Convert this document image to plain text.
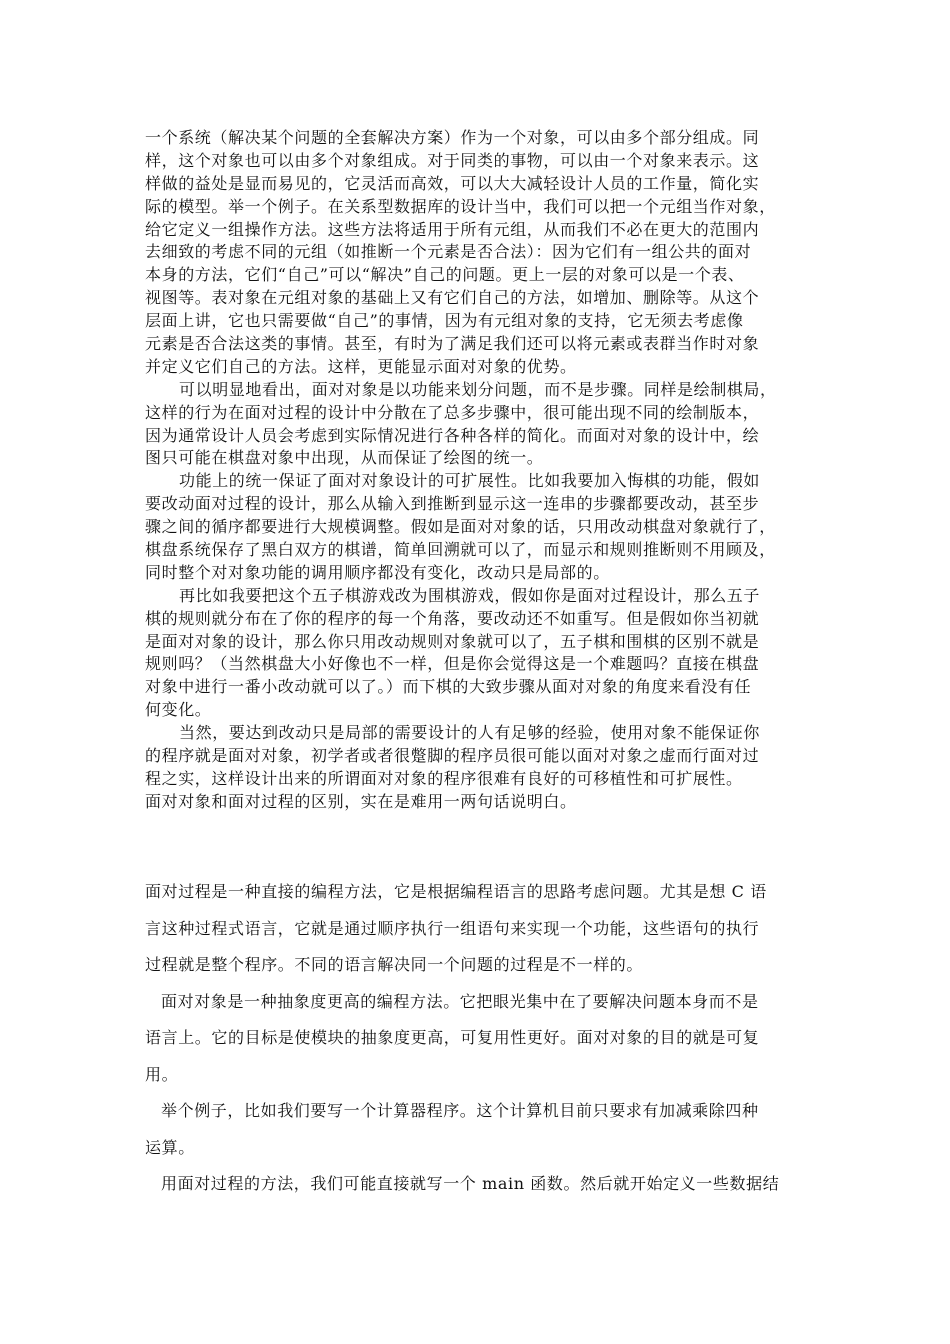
一个系统（解决某个问题的全套解决方案）作为一个对象，可以由多个部分组成。同
样，这个对象也可以由多个对象组成。对于同类的事物，可以由一个对象来表示。这
样做的益处是显而易见的，它灵活而高效，可以大大减轻设计人员的工作量，简化实
际的模型。举一个例子。在关系型数据库的设计当中，我们可以把一个元组当作对象，
给它定义一组操作方法。这些方法将适用于所有元组，从而我们不必在更大的范围内
去细致的考虑不同的元组（如推断一个元素是否合法）：因为它们有一组公共的面对
本身的方法，它们“自己”可以“解决”自己的问题。更上一层的对象可以是一个表、
视图等。表对象在元组对象的基础上又有它们自己的方法，如增加、删除等。从这个
层面上讲，它也只需要做“自己”的事情，因为有元组对象的支持，它无须去考虑像
元素是否合法这类的事情。甚至，有时为了满足我们还可以将元素或表群当作时对象
并定义它们自己的方法。这样，更能显示面对对象的优势。
可以明显地看出，面对对象是以功能来划分问题，而不是步骤。同样是绘制棋局，
这样的行为在面对过程的设计中分散在了总多步骤中，很可能出现不同的绘制版本，
因为通常设计人员会考虑到实际情况进行各种各样的简化。而面对对象的设计中，绘
图只可能在棋盘对象中出现，从而保证了绘图的统一。
功能上的统一保证了面对对象设计的可扩展性。比如我要加入悔棋的功能，假如
要改动面对过程的设计，那么从输入到推断到显示这一连串的步骤都要改动，甚至步
骤之间的循序都要进行大规模调整。假如是面对对象的话，只用改动棋盘对象就行了，
棋盘系统保存了黑白双方的棋谱，简单回溯就可以了，而显示和规则推断则不用顾及，
同时整个对对象功能的调用顺序都没有变化，改动只是局部的。
再比如我要把这个五子棋游戏改为围棋游戏，假如你是面对过程设计，那么五子
棋的规则就分布在了你的程序的每一个角落，要改动还不如重写。但是假如你当初就
是面对对象的设计，那么你只用改动规则对象就可以了，五子棋和围棋的区别不就是
规则吗？（当然棋盘大小好像也不一样，但是你会觉得这是一个难题吗？直接在棋盘
对象中进行一番小改动就可以了。）而下棋的大致步骤从面对对象的角度来看没有任
何变化。
当然，要达到改动只是局部的需要设计的人有足够的经验，使用对象不能保证你
的程序就是面对对象，初学者或者很蹩脚的程序员很可能以面对对象之虚而行面对过
程之实，这样设计出来的所谓面对对象的程序很难有良好的可移植性和可扩展性。
面对对象和面对过程的区别，实在是难用一两句话说明白。
面对过程是一种直接的编程方法，它是根据编程语言的思路考虑问题。尤其是想 C 语
言这种过程式语言，它就是通过顺序执行一组语句来实现一个功能，这些语句的执行
过程就是整个程序。不同的语言解决同一个问题的过程是不一样的。
面对对象是一种抽象度更高的编程方法。它把眼光集中在了要解决问题本身而不是
语言上。它的目标是使模块的抽象度更高，可复用性更好。面对对象的目的就是可复
用。
举个例子，比如我们要写一个计算器程序。这个计算机目前只要求有加减乘除四种
运算。
用面对过程的方法，我们可能直接就写一个 main 函数。然后就开始定义一些数据结
